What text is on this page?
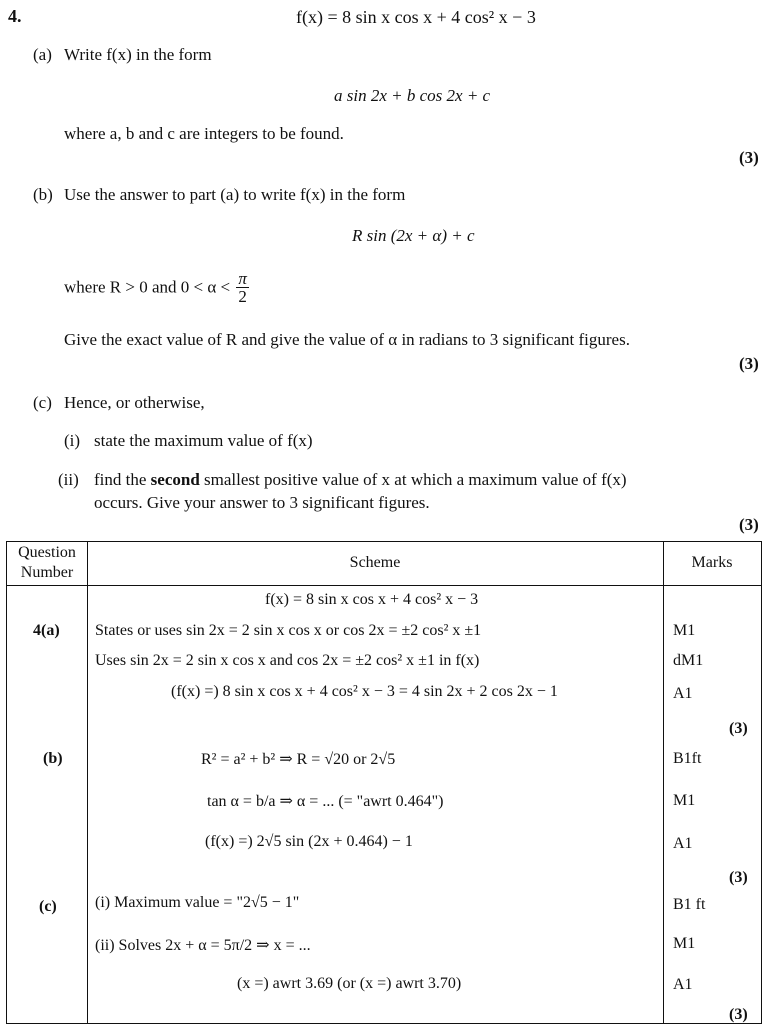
4.	f(x) = 8 sin x cos x + 4 cos² x − 3
(a) Write f(x) in the form
a sin 2x + b cos 2x + c
where a, b and c are integers to be found.
(3)
(b) Use the answer to part (a) to write f(x) in the form
R sin (2x + α) + c
where R > 0 and $0 < \alpha < \frac{\pi}{2}$
Give the exact value of R and give the value of α in radians to 3 significant figures.
(3)
(c) Hence, or otherwise,
(i) state the maximum value of f(x)
(ii) find the second smallest positive value of x at which a maximum value of f(x)
occurs. Give your answer to 3 significant figures.
(3)
Question
Number
Scheme	Marks
4(a)
(b)
(c)
f(x) = 8 sin x cos x + 4 cos² x − 3
States or uses sin 2x = 2 sin x cos x or cos 2x = ±2 cos² x ±1
Uses sin 2x = 2 sin x cos x and cos 2x = ±2 cos² x ±1 in f(x)
(f(x) =) 8 sin x cos x + 4 cos² x − 3 = 4 sin 2x + 2 cos 2x − 1
R² = a² + b² ⇒ R = √20 or 2√5
tan α = b/a ⇒ α = ... (= "awrt 0.464")
(f(x) =) 2√5 sin (2x + 0.464) − 1
(i) Maximum value = "2√5 − 1"
(ii) Solves 2x + α = 5π/2 ⇒ x = ...
(x =) awrt 3.69 (or (x =) awrt 3.70)
M1
dM1
A1
(3)
B1ft
M1
A1
(3)
B1 ft
M1
A1
(3)
